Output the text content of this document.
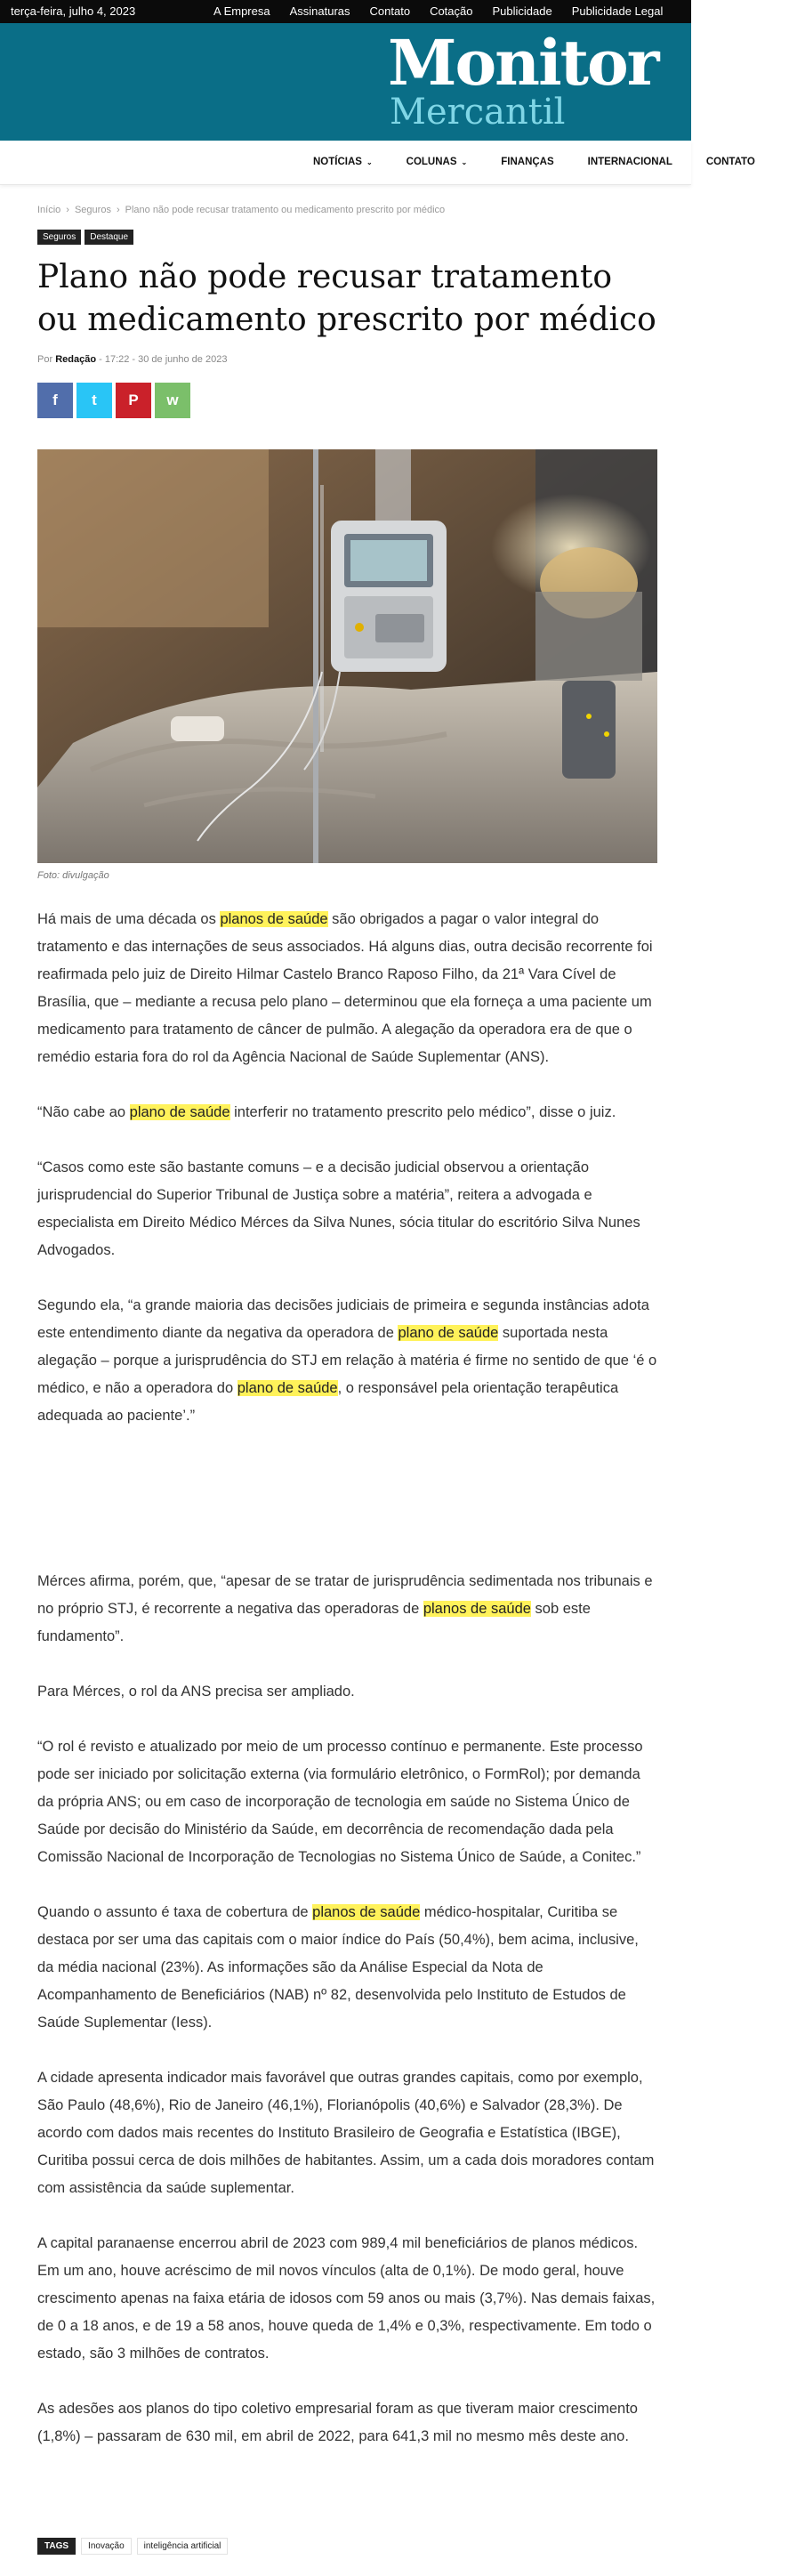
terça-feira, julho 4, 2023	A Empresa Assinaturas Contato Cotação Publicidade Publicidade Legal
Monitor
Mercantil
NOTÍCIAS ⌄	COLUNAS ⌄	FINANÇAS	INTERNACIONAL	CONTATO
Início › Seguros › Plano não pode recusar tratamento ou medicamento prescrito por médico
Seguros	Destaque
Plano não pode recusar tratamento ou medicamento prescrito por médico
Por Redação - 17:22 - 30 de junho de 2023
f t P w
Foto: divulgação

Há mais de uma década os planos de saúde são obrigados a pagar o valor integral do tratamento e das internações de seus associados. Há alguns dias, outra decisão recorrente foi reafirmada pelo juiz de Direito Hilmar Castelo Branco Raposo Filho, da 21ª Vara Cível de Brasília, que – mediante a recusa pelo plano – determinou que ela forneça a uma paciente um medicamento para tratamento de câncer de pulmão. A alegação da operadora era de que o remédio estaria fora do rol da Agência Nacional de Saúde Suplementar (ANS).

“Não cabe ao plano de saúde interferir no tratamento prescrito pelo médico”, disse o juiz.

“Casos como este são bastante comuns – e a decisão judicial observou a orientação jurisprudencial do Superior Tribunal de Justiça sobre a matéria”, reitera a advogada e especialista em Direito Médico Mérces da Silva Nunes, sócia titular do escritório Silva Nunes Advogados.

Segundo ela, “a grande maioria das decisões judiciais de primeira e segunda instâncias adota este entendimento diante da negativa da operadora de plano de saúde suportada nesta alegação – porque a jurisprudência do STJ em relação à matéria é firme no sentido de que ‘é o médico, e não a operadora do plano de saúde, o responsável pela orientação terapêutica adequada ao paciente’.”

Mérces afirma, porém, que, “apesar de se tratar de jurisprudência sedimentada nos tribunais e no próprio STJ, é recorrente a negativa das operadoras de planos de saúde sob este fundamento”.

Para Mérces, o rol da ANS precisa ser ampliado.

“O rol é revisto e atualizado por meio de um processo contínuo e permanente. Este processo pode ser iniciado por solicitação externa (via formulário eletrônico, o FormRol); por demanda da própria ANS; ou em caso de incorporação de tecnologia em saúde no Sistema Único de Saúde por decisão do Ministério da Saúde, em decorrência de recomendação dada pela Comissão Nacional de Incorporação de Tecnologias no Sistema Único de Saúde, a Conitec.”

Quando o assunto é taxa de cobertura de planos de saúde médico-hospitalar, Curitiba se destaca por ser uma das capitais com o maior índice do País (50,4%), bem acima, inclusive, da média nacional (23%). As informações são da Análise Especial da Nota de Acompanhamento de Beneficiários (NAB) nº 82, desenvolvida pelo Instituto de Estudos de Saúde Suplementar (Iess).

A cidade apresenta indicador mais favorável que outras grandes capitais, como por exemplo, São Paulo (48,6%), Rio de Janeiro (46,1%), Florianópolis (40,6%) e Salvador (28,3%). De acordo com dados mais recentes do Instituto Brasileiro de Geografia e Estatística (IBGE), Curitiba possui cerca de dois milhões de habitantes. Assim, um a cada dois moradores contam com assistência da saúde suplementar.

A capital paranaense encerrou abril de 2023 com 989,4 mil beneficiários de planos médicos. Em um ano, houve acréscimo de mil novos vínculos (alta de 0,1%). De modo geral, houve crescimento apenas na faixa etária de idosos com 59 anos ou mais (3,7%). Nas demais faixas, de 0 a 18 anos, e de 19 a 58 anos, houve queda de 1,4% e 0,3%, respectivamente. Em todo o estado, são 3 milhões de contratos.

As adesões aos planos do tipo coletivo empresarial foram as que tiveram maior crescimento (1,8%) – passaram de 630 mil, em abril de 2022, para 641,3 mil no mesmo mês deste ano.

TAGS	Inovação	inteligência artificial
